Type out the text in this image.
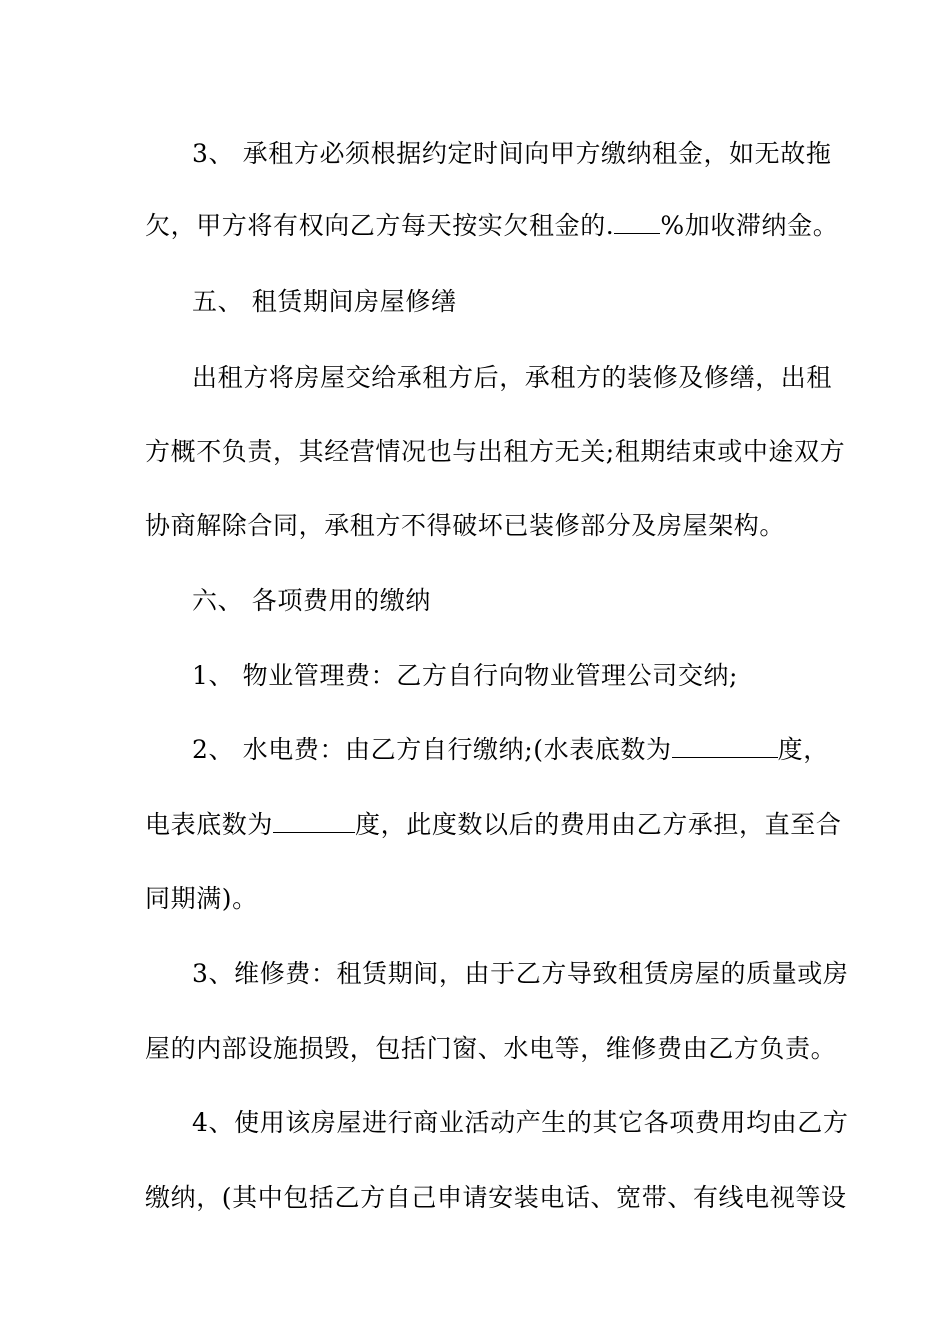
3、 承租方必须根据约定时间向甲方缴纳租金，如无故拖
欠，甲方将有权向乙方每天按实欠租金的. %加收滞纳金。
五、 租赁期间房屋修缮
出租方将房屋交给承租方后，承租方的装修及修缮，出租
方概不负责，其经营情况也与出租方无关;租期结束或中途双方
协商解除合同，承租方不得破坏已装修部分及房屋架构。
六、 各项费用的缴纳
1、 物业管理费：乙方自行向物业管理公司交纳;
2、 水电费：由乙方自行缴纳;(水表底数为	度，
电表底数为	度，此度数以后的费用由乙方承担，直至合
同期满)。
3、维修费：租赁期间，由于乙方导致租赁房屋的质量或房
屋的内部设施损毁，包括门窗、水电等，维修费由乙方负责。
4、使用该房屋进行商业活动产生的其它各项费用均由乙方
缴纳，(其中包括乙方自己申请安装电话、宽带、有线电视等设
